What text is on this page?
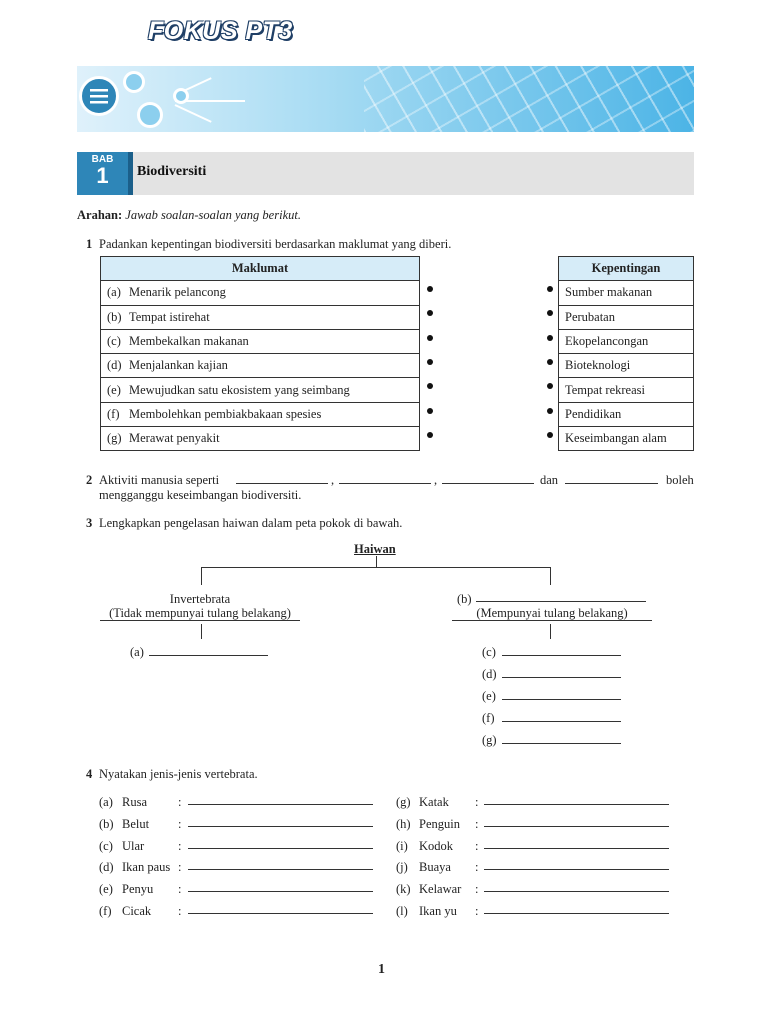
FOKUS PT3
BAB
1	Biodiversiti
Arahan: Jawab soalan-soalan yang berikut.
1 Padankan kepentingan biodiversiti berdasarkan maklumat yang diberi.
Maklumat
(a) Menarik pelancong
(b) Tempat istirehat
(c) Membekalkan makanan
(d) Menjalankan kajian
(e) Mewujudkan satu ekosistem yang seimbang
(f) Membolehkan pembiakbakaan spesies
(g) Merawat penyakit
Kepentingan
Sumber makanan
Perubatan
Ekopelancongan
Bioteknologi
Tempat rekreasi
Pendidikan
Keseimbangan alam
2 Aktiviti manusia seperti	,	,	dan	boleh
mengganggu keseimbangan biodiversiti.
3 Lengkapkan pengelasan haiwan dalam peta pokok di bawah.
Haiwan
Invertebrata
(Tidak mempunyai tulang belakang)
(a)
(b)
(Mempunyai tulang belakang)
(c)
(d)
(e)
(f)
(g)
4 Nyatakan jenis-jenis vertebrata.
(a) Rusa :
(b) Belut :
(c) Ular	:
(d) Ikan paus :
(e) Penyu :
(f) Cicak :
(g) Katak :
(h) Penguin :
(i) Kodok :
(j) Buaya :
(k) Kelawar :
(l) Ikan yu :
1
